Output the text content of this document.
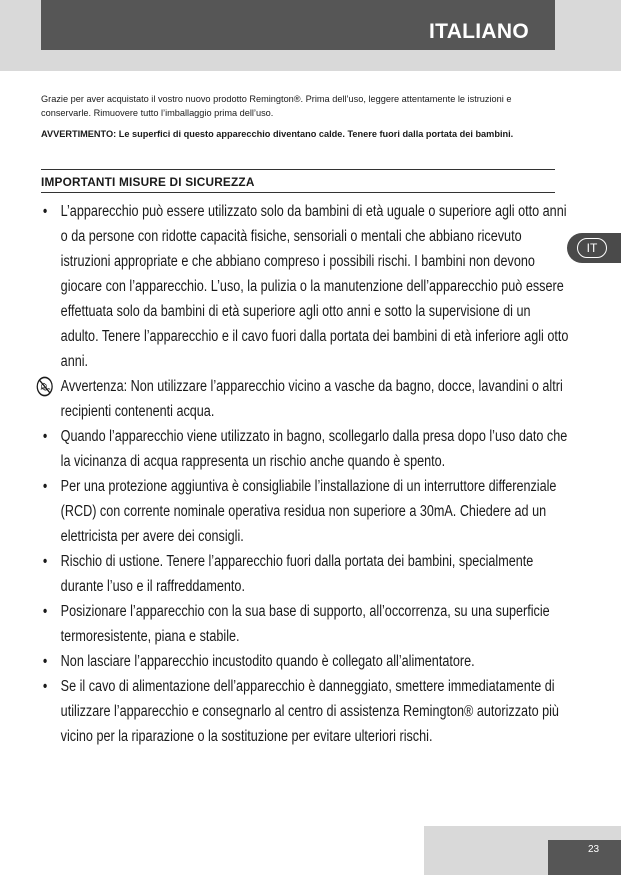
ITALIANO

Grazie per aver acquistato il vostro nuovo prodotto Remington®. Prima dell’uso, leggere attentamente le istruzioni e conservarle. Rimuovere tutto l’imballaggio prima dell’uso.

AVVERTIMENTO: Le superfici di questo apparecchio diventano calde. Tenere fuori dalla portata dei bambini.

IMPORTANTI MISURE DI SICUREZZA
• L’apparecchio può essere utilizzato solo da bambini di età uguale o superiore agli otto anni o da persone con ridotte capacità fisiche, sensoriali o mentali che abbiano ricevuto istruzioni appropriate e che abbiano compreso i possibili rischi. I bambini non devono giocare con l’apparecchio. L’uso, la pulizia o la manutenzione dell’apparecchio può essere effettuata solo da bambini di età superiore agli otto anni e sotto la supervisione di un adulto. Tenere l’apparecchio e il cavo fuori dalla portata dei bambini di età inferiore agli otto anni.
Avvertenza: Non utilizzare l’apparecchio vicino a vasche da bagno, docce, lavandini o altri recipienti contenenti acqua.
• Quando l’apparecchio viene utilizzato in bagno, scollegarlo dalla presa dopo l’uso dato che la vicinanza di acqua rappresenta un rischio anche quando è spento.
• Per una protezione aggiuntiva è consigliabile l’installazione di un interruttore differenziale (RCD) con corrente nominale operativa residua non superiore a 30mA. Chiedere ad un elettricista per avere dei consigli.
• Rischio di ustione. Tenere l’apparecchio fuori dalla portata dei bambini, specialmente durante l’uso e il raffreddamento.
• Posizionare l’apparecchio con la sua base di supporto, all’occorrenza, su una superficie termoresistente, piana e stabile.
• Non lasciare l’apparecchio incustodito quando è collegato all’alimentatore.
• Se il cavo di alimentazione dell’apparecchio è danneggiato, smettere immediatamente di utilizzare l’apparecchio e consegnarlo al centro di assistenza Remington® autorizzato più vicino per la riparazione o la sostituzione per evitare ulteriori rischi.
IT
23
